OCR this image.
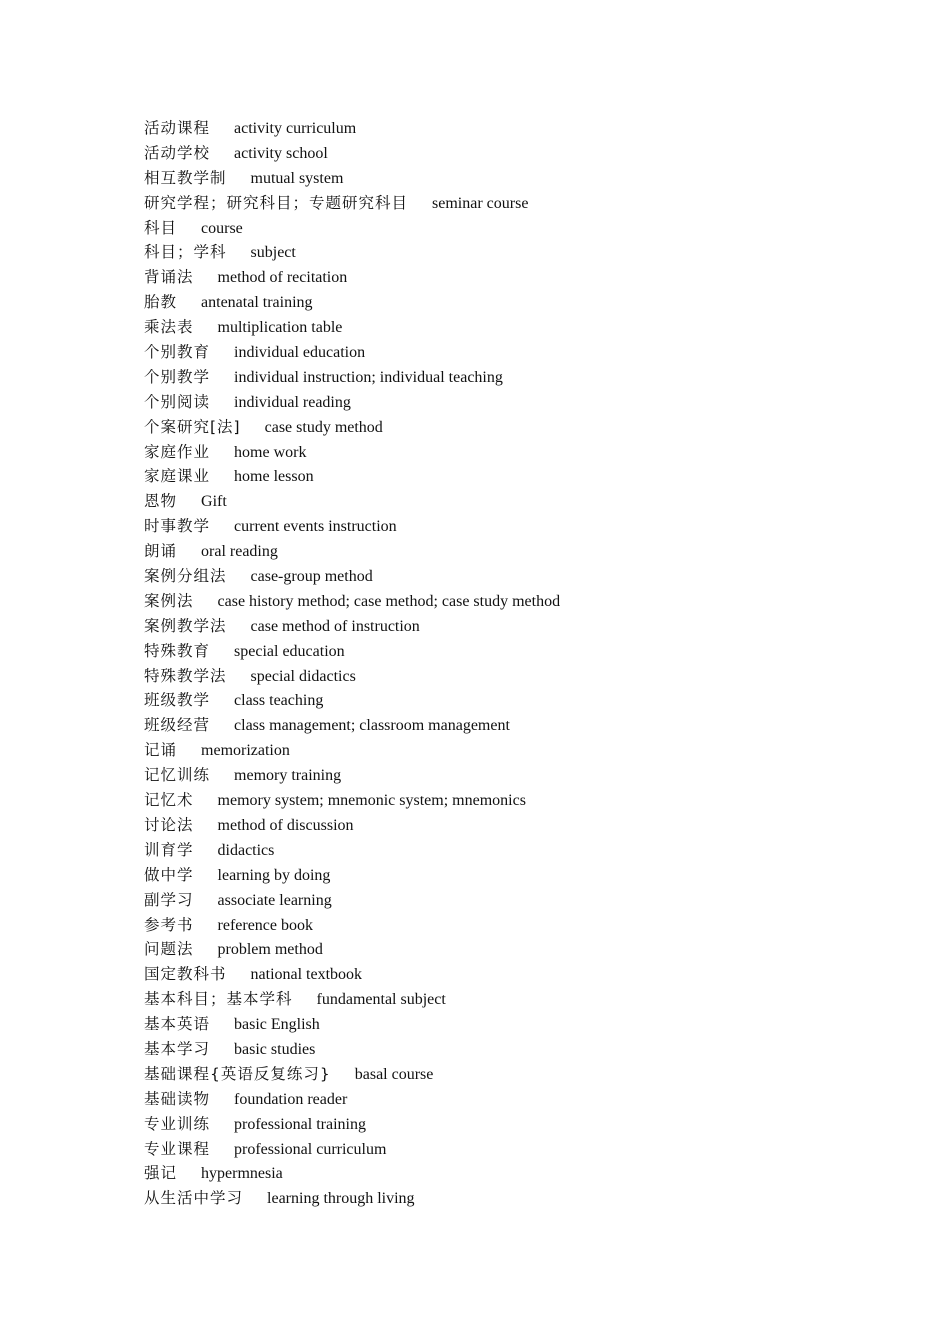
活动课程 activity curriculum
活动学校 activity school
相互教学制 mutual system
研究学程；研究科目；专题研究科目 seminar course
科目 course
科目；学科 subject
背诵法 method of recitation
胎教 antenatal training
乘法表 multiplication table
个别教育 individual education
个别教学 individual instruction; individual teaching
个别阅读 individual reading
个案研究[法] case study method
家庭作业 home work
家庭课业 home lesson
恩物 Gift
时事教学 current events instruction
朗诵 oral reading
案例分组法 case-group method
案例法 case history method; case method; case study method
案例教学法 case method of instruction
特殊教育 special education
特殊教学法 special didactics
班级教学 class teaching
班级经营 class management; classroom management
记诵 memorization
记忆训练 memory training
记忆术 memory system; mnemonic system; mnemonics
讨论法 method of discussion
训育学 didactics
做中学 learning by doing
副学习 associate learning
参考书 reference book
问题法 problem method
国定教科书 national textbook
基本科目；基本学科 fundamental subject
基本英语 basic English
基本学习 basic studies
基础课程{英语反复练习} basal course
基础读物 foundation reader
专业训练 professional training
专业课程 professional curriculum
强记 hypermnesia
从生活中学习 learning through living
